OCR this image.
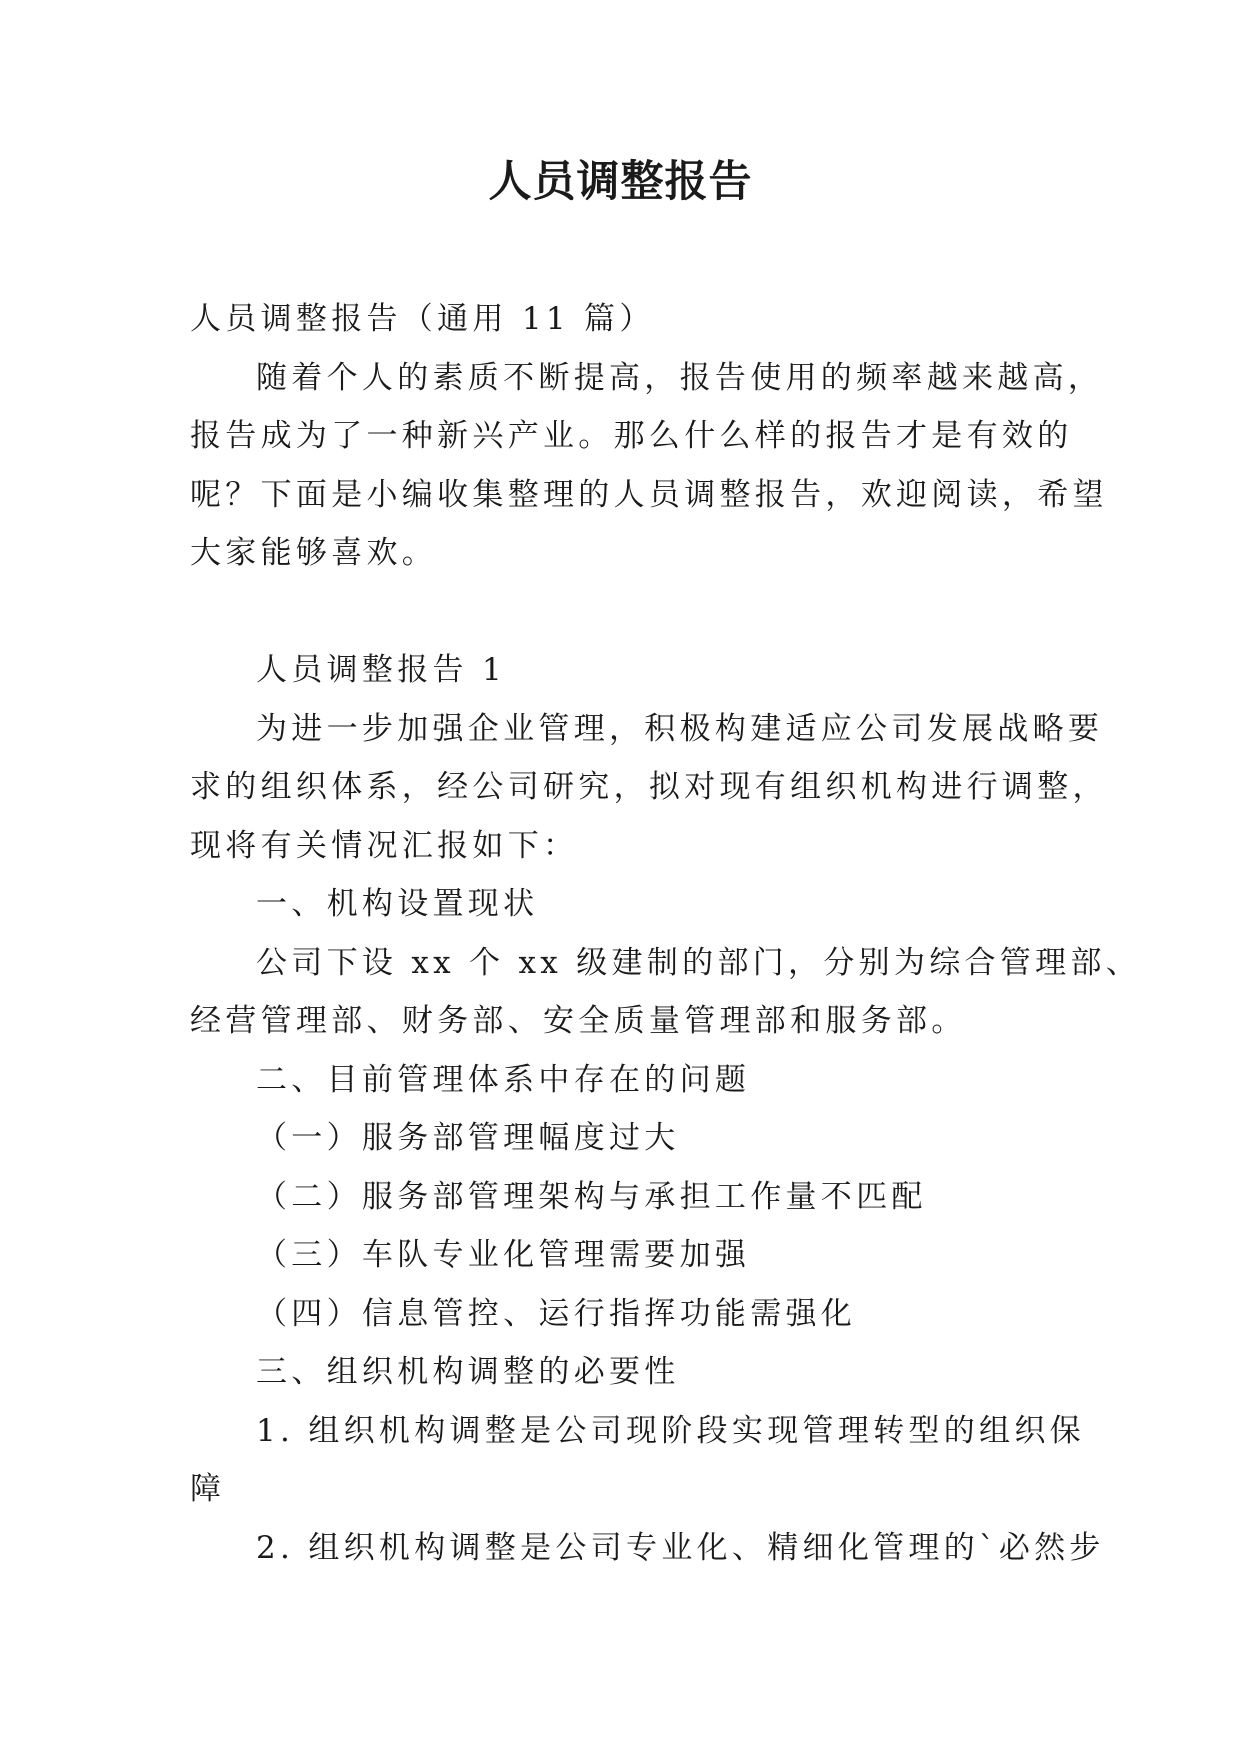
人员调整报告
人员调整报告（通用 11 篇）
随着个人的素质不断提高，报告使用的频率越来越高，
报告成为了一种新兴产业。那么什么样的报告才是有效的
呢？下面是小编收集整理的人员调整报告，欢迎阅读，希望
大家能够喜欢。
人员调整报告 1
为进一步加强企业管理，积极构建适应公司发展战略要
求的组织体系，经公司研究，拟对现有组织机构进行调整，
现将有关情况汇报如下：
一、机构设置现状
公司下设 xx 个 xx 级建制的部门，分别为综合管理部、
经营管理部、财务部、安全质量管理部和服务部。
二、目前管理体系中存在的问题
（一）服务部管理幅度过大
（二）服务部管理架构与承担工作量不匹配
（三）车队专业化管理需要加强
（四）信息管控、运行指挥功能需强化
三、组织机构调整的必要性
1. 组织机构调整是公司现阶段实现管理转型的组织保
障
2. 组织机构调整是公司专业化、精细化管理的`必然步
